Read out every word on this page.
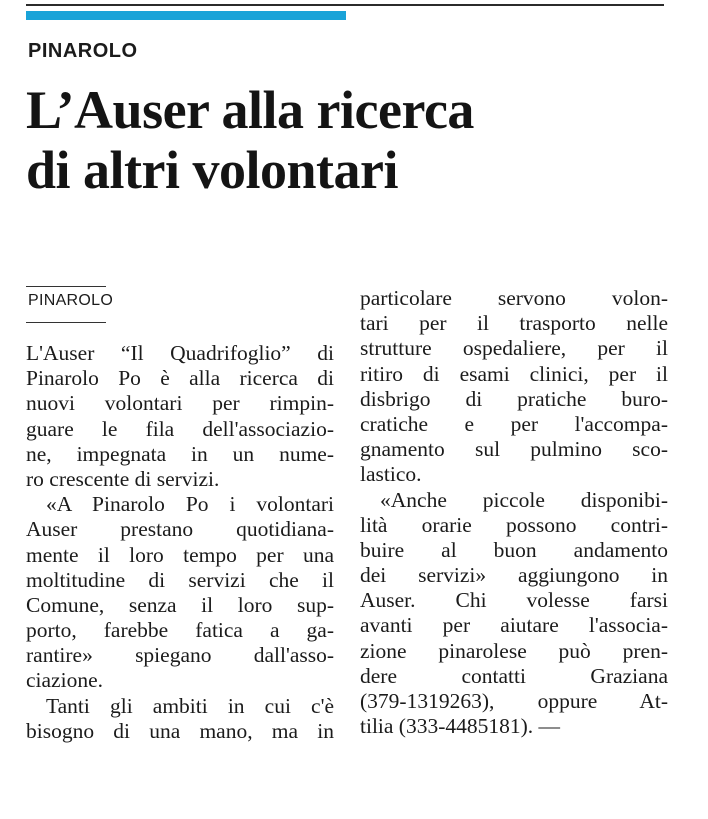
PINAROLO
L’Auser alla ricerca
di altri volontari
PINAROLO
L'Auser “Il Quadrifoglio” di
Pinarolo Po è alla ricerca di
nuovi volontari per rimpin-
guare le fila dell'associazio-
ne, impegnata in un nume-
ro crescente di servizi.
«A Pinarolo Po i volontari
Auser prestano quotidiana-
mente il loro tempo per una
moltitudine di servizi che il
Comune, senza il loro sup-
porto, farebbe fatica a ga-
rantire» spiegano dall'asso-
ciazione.
Tanti gli ambiti in cui c'è
bisogno di una mano, ma in
particolare servono volon-
tari per il trasporto nelle
strutture ospedaliere, per il
ritiro di esami clinici, per il
disbrigo di pratiche buro-
cratiche e per l'accompa-
gnamento sul pulmino sco-
lastico.
«Anche piccole disponibi-
lità orarie possono contri-
buire al buon andamento
dei servizi» aggiungono in
Auser. Chi volesse farsi
avanti per aiutare l'associa-
zione pinarolese può pren-
dere contatti Graziana
(379-1319263), oppure At-
tilia (333-4485181). —
